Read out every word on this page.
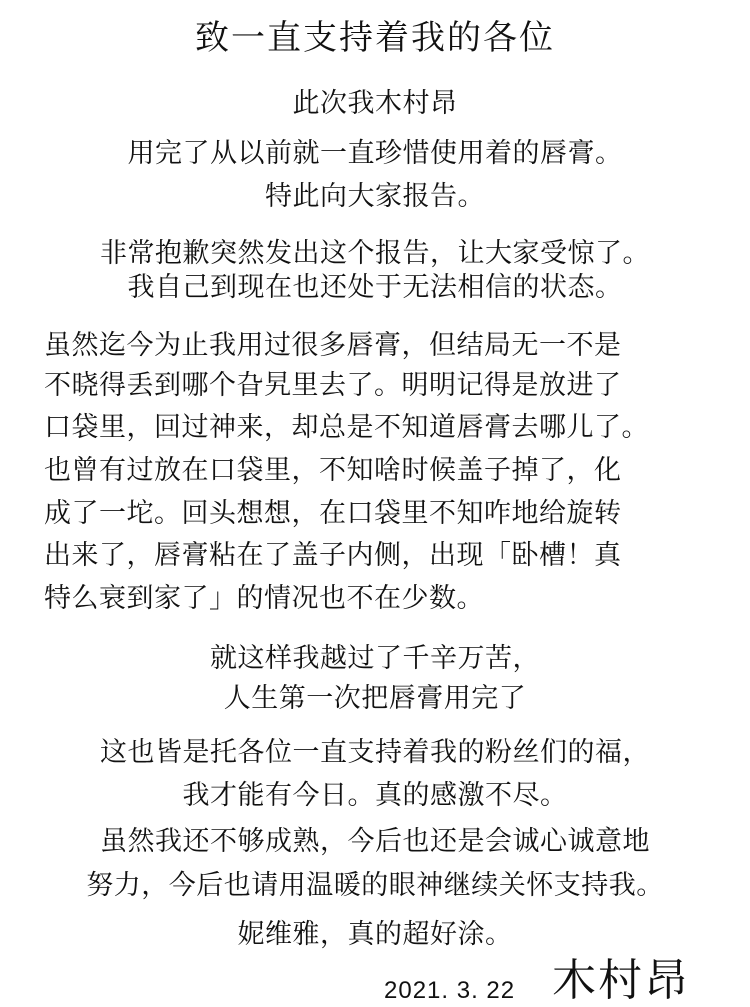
致一直支持着我的各位
此次我木村昂
用完了从以前就一直珍惜使用着的唇膏。
特此向大家报告。
非常抱歉突然发出这个报告，让大家受惊了。
我自己到现在也还处于无法相信的状态。
虽然迄今为止我用过很多唇膏，但结局无一不是
不晓得丢到哪个旮旯里去了。明明记得是放进了
口袋里，回过神来，却总是不知道唇膏去哪儿了。
也曾有过放在口袋里，不知啥时候盖子掉了，化
成了一坨。回头想想，在口袋里不知咋地给旋转
出来了，唇膏粘在了盖子内侧，出现「卧槽！真
特么衰到家了」的情况也不在少数。
就这样我越过了千辛万苦，
人生第一次把唇膏用完了
这也皆是托各位一直支持着我的粉丝们的福，
我才能有今日。真的感激不尽。
虽然我还不够成熟，今后也还是会诚心诚意地
努力，今后也请用温暖的眼神继续关怀支持我。
妮维雅，真的超好涂。
2021. 3. 22 木村昂
